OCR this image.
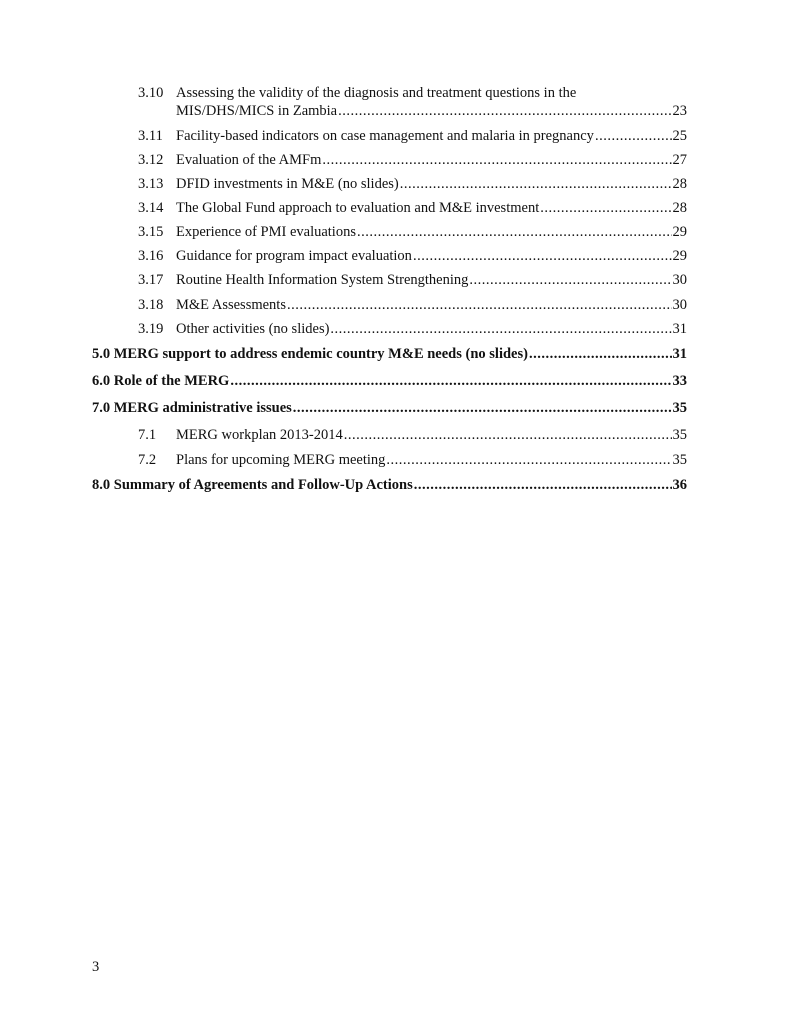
3.10 Assessing the validity of the diagnosis and treatment questions in the
MIS/DHS/MICS in Zambia .....	23
3.11 Facility-based indicators on case management and malaria in pregnancy .....	25
3.12 Evaluation of the AMFm .....	27
3.13 DFID investments in M&E (no slides) .....	28
3.14 The Global Fund approach to evaluation and M&E investment .....	28
3.15 Experience of PMI evaluations .....	29
3.16 Guidance for program impact evaluation .....	29
3.17 Routine Health Information System Strengthening .....	30
3.18 M&E Assessments .....	30
3.19 Other activities (no slides) .....	31
5.0 MERG support to address endemic country M&E needs (no slides) .....	31
6.0 Role of the MERG .....	33
7.0 MERG administrative issues .....	35
7.1	MERG workplan 2013-2014 .....	35
7.2	Plans for upcoming MERG meeting .....	35
8.0 Summary of Agreements and Follow-Up Actions .....	36
3
